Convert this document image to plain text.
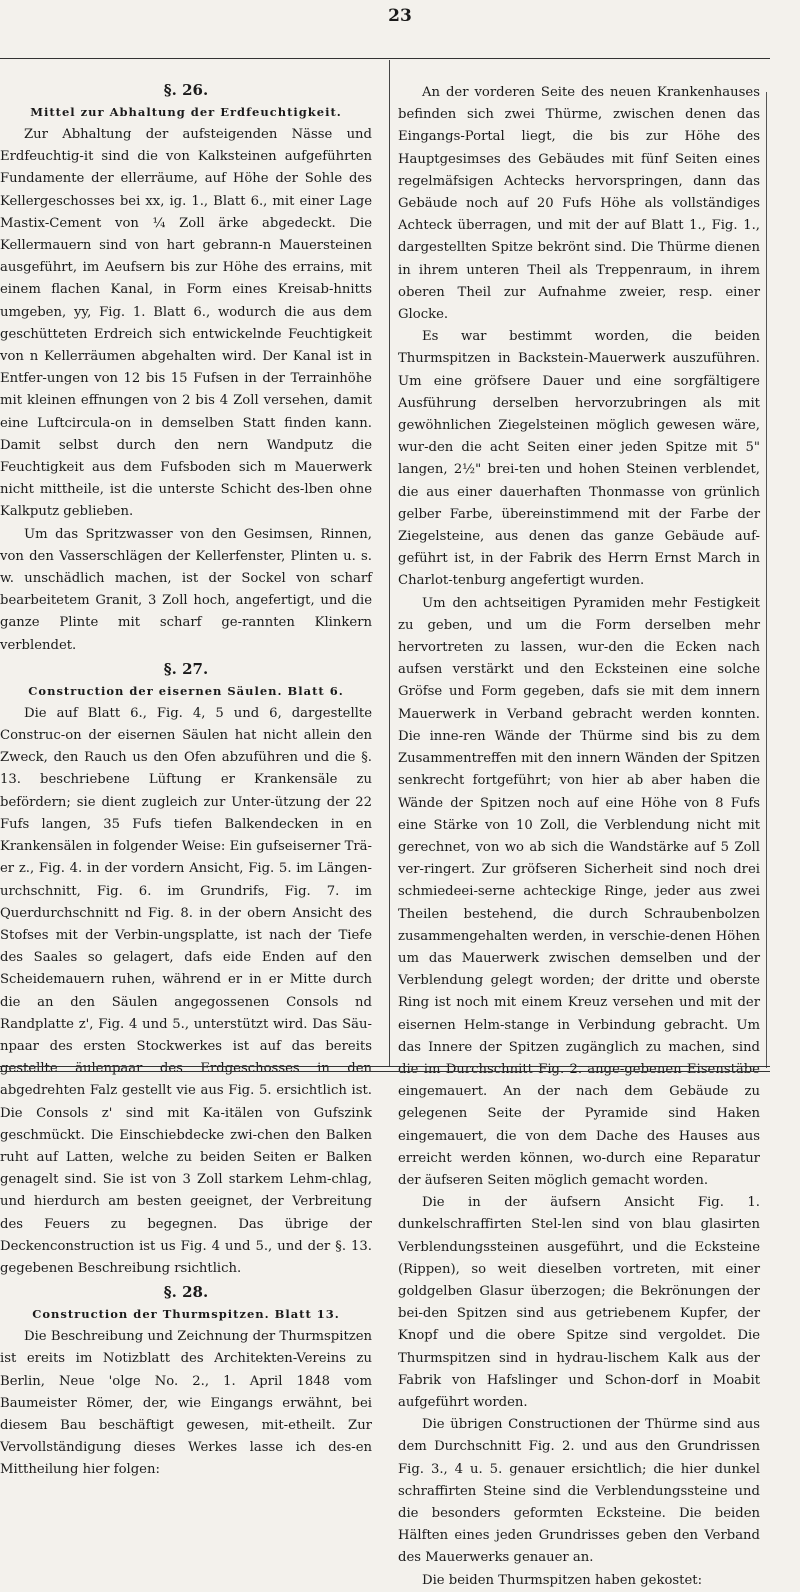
23

§. 26.

Mittel zur Abhaltung der Erdfeuchtigkeit.

Zur Abhaltung der aufsteigenden Nässe und Erdfeuchtig-it sind die von Kalksteinen aufgeführten Fundamente der ellerräume, auf Höhe der Sohle des Kellergeschosses bei xx, ig. 1., Blatt 6., mit einer Lage Mastix-Cement von ¼ Zoll ärke abgedeckt. Die Kellermauern sind von hart gebrann-n Mauersteinen ausgeführt, im Aeufsern bis zur Höhe des errains, mit einem flachen Kanal, in Form eines Kreisab-hnitts umgeben, yy, Fig. 1. Blatt 6., wodurch die aus dem geschütteten Erdreich sich entwickelnde Feuchtigkeit von n Kellerräumen abgehalten wird. Der Kanal ist in Entfer-ungen von 12 bis 15 Fufsen in der Terrainhöhe mit kleinen effnungen von 2 bis 4 Zoll versehen, damit eine Luftcircula-on in demselben Statt finden kann. Damit selbst durch den nern Wandputz die Feuchtigkeit aus dem Fufsboden sich m Mauerwerk nicht mittheile, ist die unterste Schicht des-lben ohne Kalkputz geblieben.

Um das Spritzwasser von den Gesimsen, Rinnen, von den Vasserschlägen der Kellerfenster, Plinten u. s. w. unschädlich machen, ist der Sockel von scharf bearbeitetem Granit, 3 Zoll hoch, angefertigt, und die ganze Plinte mit scharf ge-rannten Klinkern verblendet.

§. 27.

Construction der eisernen Säulen. Blatt 6.

Die auf Blatt 6., Fig. 4, 5 und 6, dargestellte Construc-on der eisernen Säulen hat nicht allein den Zweck, den Rauch us den Ofen abzuführen und die §. 13. beschriebene Lüftung er Krankensäle zu befördern; sie dient zugleich zur Unter-ützung der 22 Fufs langen, 35 Fufs tiefen Balkendecken in en Krankensälen in folgender Weise: Ein gufseiserner Trä-er z., Fig. 4. in der vordern Ansicht, Fig. 5. im Längen-urchschnitt, Fig. 6. im Grundrifs, Fig. 7. im Querdurchschnitt nd Fig. 8. in der obern Ansicht des Stofses mit der Verbin-ungsplatte, ist nach der Tiefe des Saales so gelagert, dafs eide Enden auf den Scheidemauern ruhen, während er in er Mitte durch die an den Säulen angegossenen Consols nd Randplatte z', Fig. 4 und 5., unterstützt wird. Das Säu-npaar des ersten Stockwerkes ist auf das bereits gestellte äulenpaar des Erdgeschosses in den abgedrehten Falz gestellt vie aus Fig. 5. ersichtlich ist. Die Consols z' sind mit Ka-itälen von Gufszink geschmückt. Die Einschiebdecke zwi-chen den Balken ruht auf Latten, welche zu beiden Seiten er Balken genagelt sind. Sie ist von 3 Zoll starkem Lehm-chlag, und hierdurch am besten geeignet, der Verbreitung des Feuers zu begegnen. Das übrige der Deckenconstruction ist us Fig. 4 und 5., und der §. 13. gegebenen Beschreibung rsichtlich.

§. 28.

Construction der Thurmspitzen. Blatt 13.

Die Beschreibung und Zeichnung der Thurmspitzen ist ereits im Notizblatt des Architekten-Vereins zu Berlin, Neue 'olge No. 2., 1. April 1848 vom Baumeister Römer, der, wie Eingangs erwähnt, bei diesem Bau beschäftigt gewesen, mit-etheilt. Zur Vervollständigung dieses Werkes lasse ich des-en Mittheilung hier folgen:

An der vorderen Seite des neuen Krankenhauses befinden sich zwei Thürme, zwischen denen das Eingangs-Portal liegt, die bis zur Höhe des Hauptgesimses des Gebäudes mit fünf Seiten eines regelmäfsigen Achtecks hervorspringen, dann das Gebäude noch auf 20 Fufs Höhe als vollständiges Achteck überragen, und mit der auf Blatt 1., Fig. 1., dargestellten Spitze bekrönt sind. Die Thürme dienen in ihrem unteren Theil als Treppenraum, in ihrem oberen Theil zur Aufnahme zweier, resp. einer Glocke.

Es war bestimmt worden, die beiden Thurmspitzen in Backstein-Mauerwerk auszuführen. Um eine gröfsere Dauer und eine sorgfältigere Ausführung derselben hervorzubringen als mit gewöhnlichen Ziegelsteinen möglich gewesen wäre, wur-den die acht Seiten einer jeden Spitze mit 5" langen, 2½" brei-ten und hohen Steinen verblendet, die aus einer dauerhaften Thonmasse von grünlich gelber Farbe, übereinstimmend mit der Farbe der Ziegelsteine, aus denen das ganze Gebäude auf-geführt ist, in der Fabrik des Herrn Ernst March in Charlot-tenburg angefertigt wurden.

Um den achtseitigen Pyramiden mehr Festigkeit zu geben, und um die Form derselben mehr hervortreten zu lassen, wur-den die Ecken nach aufsen verstärkt und den Ecksteinen eine solche Gröfse und Form gegeben, dafs sie mit dem innern Mauerwerk in Verband gebracht werden konnten. Die inne-ren Wände der Thürme sind bis zu dem Zusammentreffen mit den innern Wänden der Spitzen senkrecht fortgeführt; von hier ab aber haben die Wände der Spitzen noch auf eine Höhe von 8 Fufs eine Stärke von 10 Zoll, die Verblendung nicht mit gerechnet, von wo ab sich die Wandstärke auf 5 Zoll ver-ringert. Zur gröfseren Sicherheit sind noch drei schmiedeei-serne achteckige Ringe, jeder aus zwei Theilen bestehend, die durch Schraubenbolzen zusammengehalten werden, in verschie-denen Höhen um das Mauerwerk zwischen demselben und der Verblendung gelegt worden; der dritte und oberste Ring ist noch mit einem Kreuz versehen und mit der eisernen Helm-stange in Verbindung gebracht. Um das Innere der Spitzen zugänglich zu machen, sind die im Durchschnitt Fig. 2. ange-gebenen Eisenstäbe eingemauert. An der nach dem Gebäude zu gelegenen Seite der Pyramide sind Haken eingemauert, die von dem Dache des Hauses aus erreicht werden können, wo-durch eine Reparatur der äufseren Seiten möglich gemacht worden.

Die in der äufsern Ansicht Fig. 1. dunkelschraffirten Stel-len sind von blau glasirten Verblendungssteinen ausgeführt, und die Ecksteine (Rippen), so weit dieselben vortreten, mit einer goldgelben Glasur überzogen; die Bekrönungen der bei-den Spitzen sind aus getriebenem Kupfer, der Knopf und die obere Spitze sind vergoldet. Die Thurmspitzen sind in hydrau-lischem Kalk aus der Fabrik von Hafslinger und Schon-dorf in Moabit aufgeführt worden.

Die übrigen Constructionen der Thürme sind aus dem Durchschnitt Fig. 2. und aus den Grundrissen Fig. 3., 4 u. 5. genauer ersichtlich; die hier dunkel schraffirten Steine sind die Verblendungssteine und die besonders geformten Ecksteine. Die beiden Hälften eines jeden Grundrisses geben den Verband des Mauerwerks genauer an.

Die beiden Thurmspitzen haben gekostet:
